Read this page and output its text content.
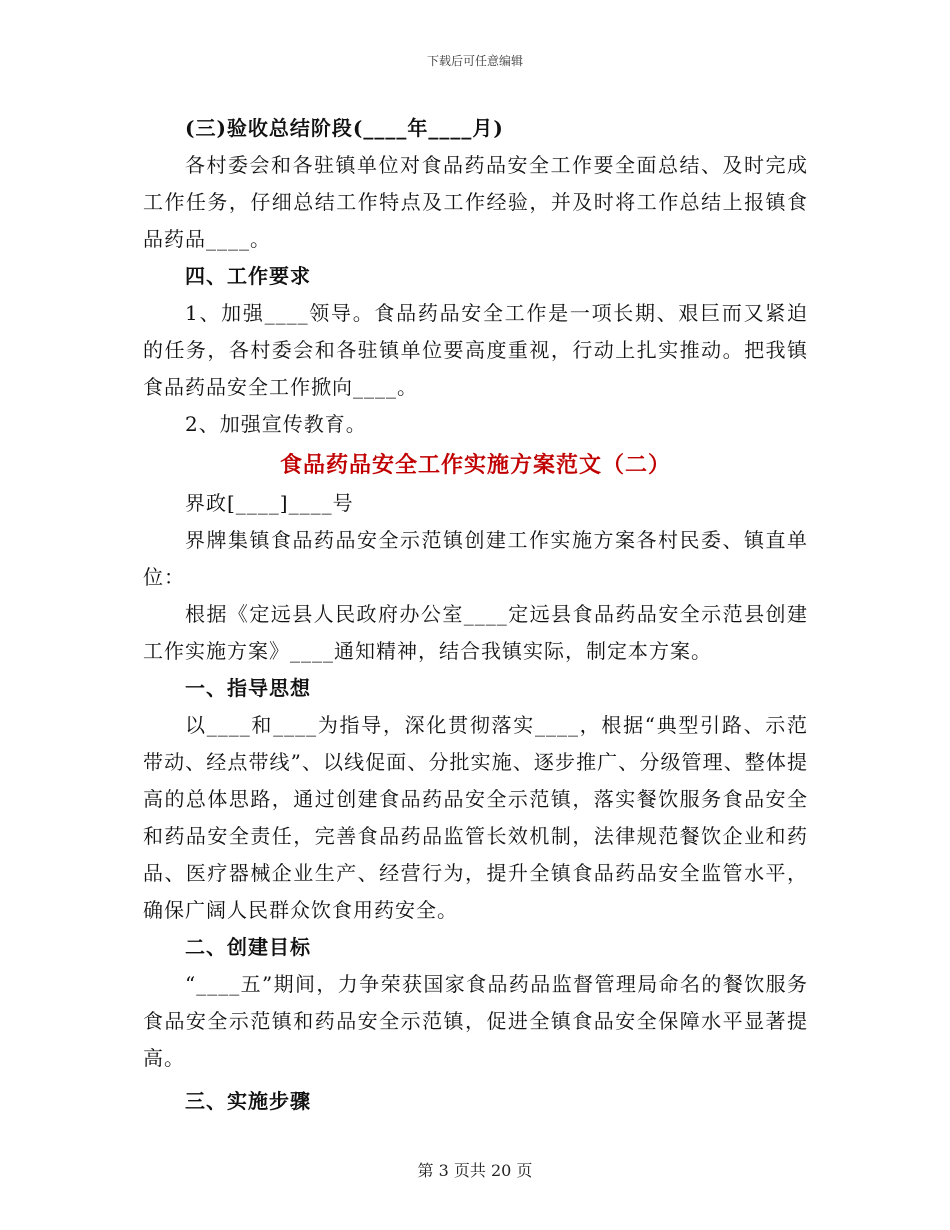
下载后可任意编辑

(三)验收总结阶段(____年____月)

各村委会和各驻镇单位对食品药品安全工作要全面总结、及时完成工作任务，仔细总结工作特点及工作经验，并及时将工作总结上报镇食品药品____。

四、工作要求

1、加强____领导。食品药品安全工作是一项长期、艰巨而又紧迫的任务，各村委会和各驻镇单位要高度重视，行动上扎实推动。把我镇食品药品安全工作掀向____。

2、加强宣传教育。

食品药品安全工作实施方案范文（二）

界政[____]____号

界牌集镇食品药品安全示范镇创建工作实施方案各村民委、镇直单位：

根据《定远县人民政府办公室____定远县食品药品安全示范县创建工作实施方案》____通知精神，结合我镇实际，制定本方案。

一、指导思想

以____和____为指导，深化贯彻落实____，根据“典型引路、示范带动、经点带线”、以线促面、分批实施、逐步推广、分级管理、整体提高的总体思路，通过创建食品药品安全示范镇，落实餐饮服务食品安全和药品安全责任，完善食品药品监管长效机制，法律规范餐饮企业和药品、医疗器械企业生产、经营行为，提升全镇食品药品安全监管水平，确保广阔人民群众饮食用药安全。

二、创建目标

“____五”期间，力争荣获国家食品药品监督管理局命名的餐饮服务食品安全示范镇和药品安全示范镇，促进全镇食品安全保障水平显著提高。

三、实施步骤

第 3 页共 20 页
